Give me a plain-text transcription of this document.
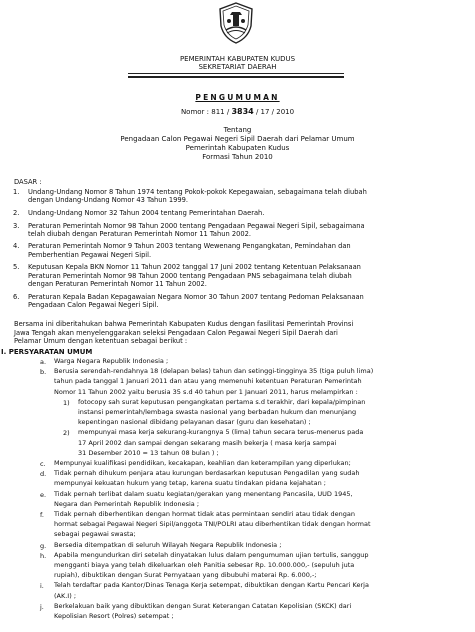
PEMERINTAH KABUPATEN KUDUS
SEKRETARIAT DAERAH
PENGUMUMAN
Nomor : 811 / 3834 / 17 / 2010
Tentang
Pengadaan Calon Pegawai Negeri Sipil Daerah dari Pelamar Umum
Pemerintah Kabupaten Kudus
Formasi Tahun 2010
DASAR :
1. Undang-Undang Nomor 8 Tahun 1974 tentang Pokok-pokok Kepegawaian, sebagaimana telah diubah
dengan Undang-Undang Nomor 43 Tahun 1999.
2. Undang-Undang Nomor 32 Tahun 2004 tentang Pemerintahan Daerah.
3. Peraturan Pemerintah Nomor 98 Tahun 2000 tentang Pengadaan Pegawai Negeri Sipil, sebagaimana
telah diubah dengan Peraturan Pemerintah Nomor 11 Tahun 2002.
4. Peraturan Pemerintah Nomor 9 Tahun 2003 tentang Wewenang Pengangkatan, Pemindahan dan
Pemberhentian Pegawai Negeri Sipil.
5. Keputusan Kepala BKN Nomor 11 Tahun 2002 tanggal 17 Juni 2002 tentang Ketentuan Pelaksanaan
Peraturan Pemerintah Nomor 98 Tahun 2000 tentang Pengadaan PNS sebagaimana telah diubah
dengan Peraturan Pemerintah Nomor 11 Tahun 2002.
6. Peraturan Kepala Badan Kepagawaian Negara Nomor 30 Tahun 2007 tentang Pedoman Pelaksanaan
Pengadaan Calon Pegawai Negeri Sipil.
Bersama ini diberitahukan bahwa Pemerintah Kabupaten Kudus dengan fasilitasi Pemerintah Provinsi
Jawa Tengah akan menyelenggarakan seleksi Pengadaan Calon Pegawai Negeri Sipil Daerah dari
Pelamar Umum dengan ketentuan sebagai berikut :
I. PERSYARATAN UMUM
a. Warga Negara Republik Indonesia ;
b. Berusia serendah-rendahnya 18 (delapan belas) tahun dan setinggi-tingginya 35 (tiga puluh lima)
tahun pada tanggal 1 Januari 2011 dan atau yang memenuhi ketentuan Peraturan Pemerintah
Nomor 11 Tahun 2002 yaitu berusia 35 s.d 40 tahun per 1 Januari 2011, harus melampirkan :
1) fotocopy sah surat keputusan pengangkatan pertama s.d terakhir, dari kepala/pimpinan
instansi pemerintah/lembaga swasta nasional yang berbadan hukum dan menunjang
kepentingan nasional dibidang pelayanan dasar (guru dan kesehatan) ;
2) mempunyai masa kerja sekurang-kurangnya 5 (lima) tahun secara terus-menerus pada
17 April 2002 dan sampai dengan sekarang masih bekerja ( masa kerja sampai
31 Desember 2010 = 13 tahun 08 bulan ) ;
c. Mempunyai kualifikasi pendidikan, kecakapan, keahlian dan keterampilan yang diperlukan;
d. Tidak pernah dihukum penjara atau kurungan berdasarkan keputusan Pengadilan yang sudah
mempunyai kekuatan hukum yang tetap, karena suatu tindakan pidana kejahatan ;
e. Tidak pernah terlibat dalam suatu kegiatan/gerakan yang menentang Pancasila, UUD 1945,
Negara dan Pemerintah Republik Indonesia ;
f. Tidak pernah diberhentikan dengan hormat tidak atas permintaan sendiri atau tidak dengan
hormat sebagai Pegawai Negeri Sipil/anggota TNI/POLRI atau diberhentikan tidak dengan hormat
sebagai pegawai swasta;
g. Bersedia ditempatkan di seluruh Wilayah Negara Republik Indonesia ;
h. Apabila mengundurkan diri setelah dinyatakan lulus dalam pengumuman ujian tertulis, sanggup
mengganti biaya yang telah dikeluarkan oleh Panitia sebesar Rp. 10.000.000,- (sepuluh juta
rupiah), dibuktikan dengan Surat Pernyataan yang dibubuhi materai Rp. 6.000,-;
i. Telah terdaftar pada Kantor/Dinas Tenaga Kerja setempat, dibuktikan dengan Kartu Pencari Kerja
(AK.I) ;
j. Berkelakuan baik yang dibuktikan dengan Surat Keterangan Catatan Kepolisian (SKCK) dari
Kepolisian Resort (Polres) setempat ;
